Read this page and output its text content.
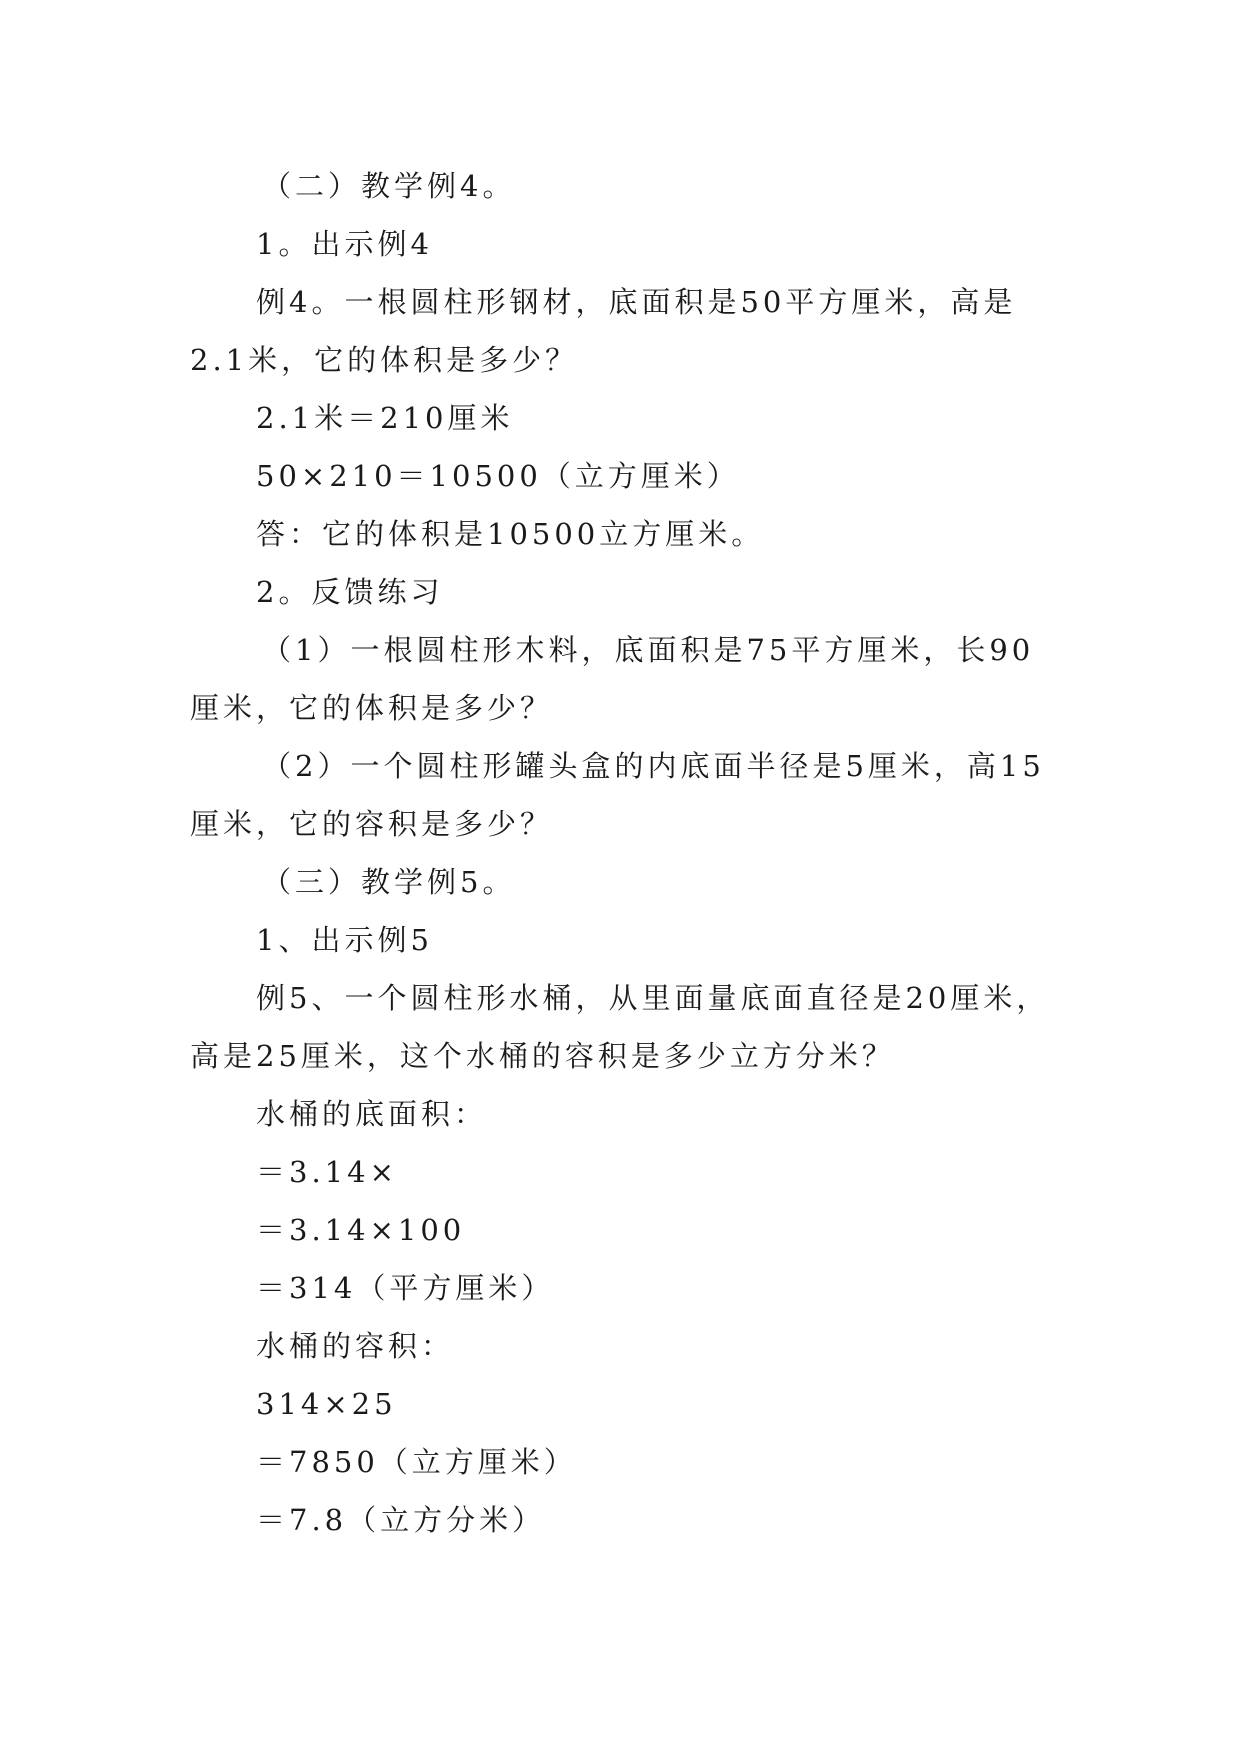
（二）教学例4。
1。出示例4
例4。一根圆柱形钢材，底面积是50平方厘米，高是
2.1米，它的体积是多少？
2.1米＝210厘米
50×210＝10500（立方厘米）
答：它的体积是10500立方厘米。
2。反馈练习
（1）一根圆柱形木料，底面积是75平方厘米，长90
厘米，它的体积是多少？
（2）一个圆柱形罐头盒的内底面半径是5厘米，高15
厘米，它的容积是多少？
（三）教学例5。
1、出示例5
例5、一个圆柱形水桶，从里面量底面直径是20厘米，
高是25厘米，这个水桶的容积是多少立方分米？
水桶的底面积：
＝3.14×
＝3.14×100
＝314（平方厘米）
水桶的容积：
314×25
＝7850（立方厘米）
＝7.8（立方分米）
